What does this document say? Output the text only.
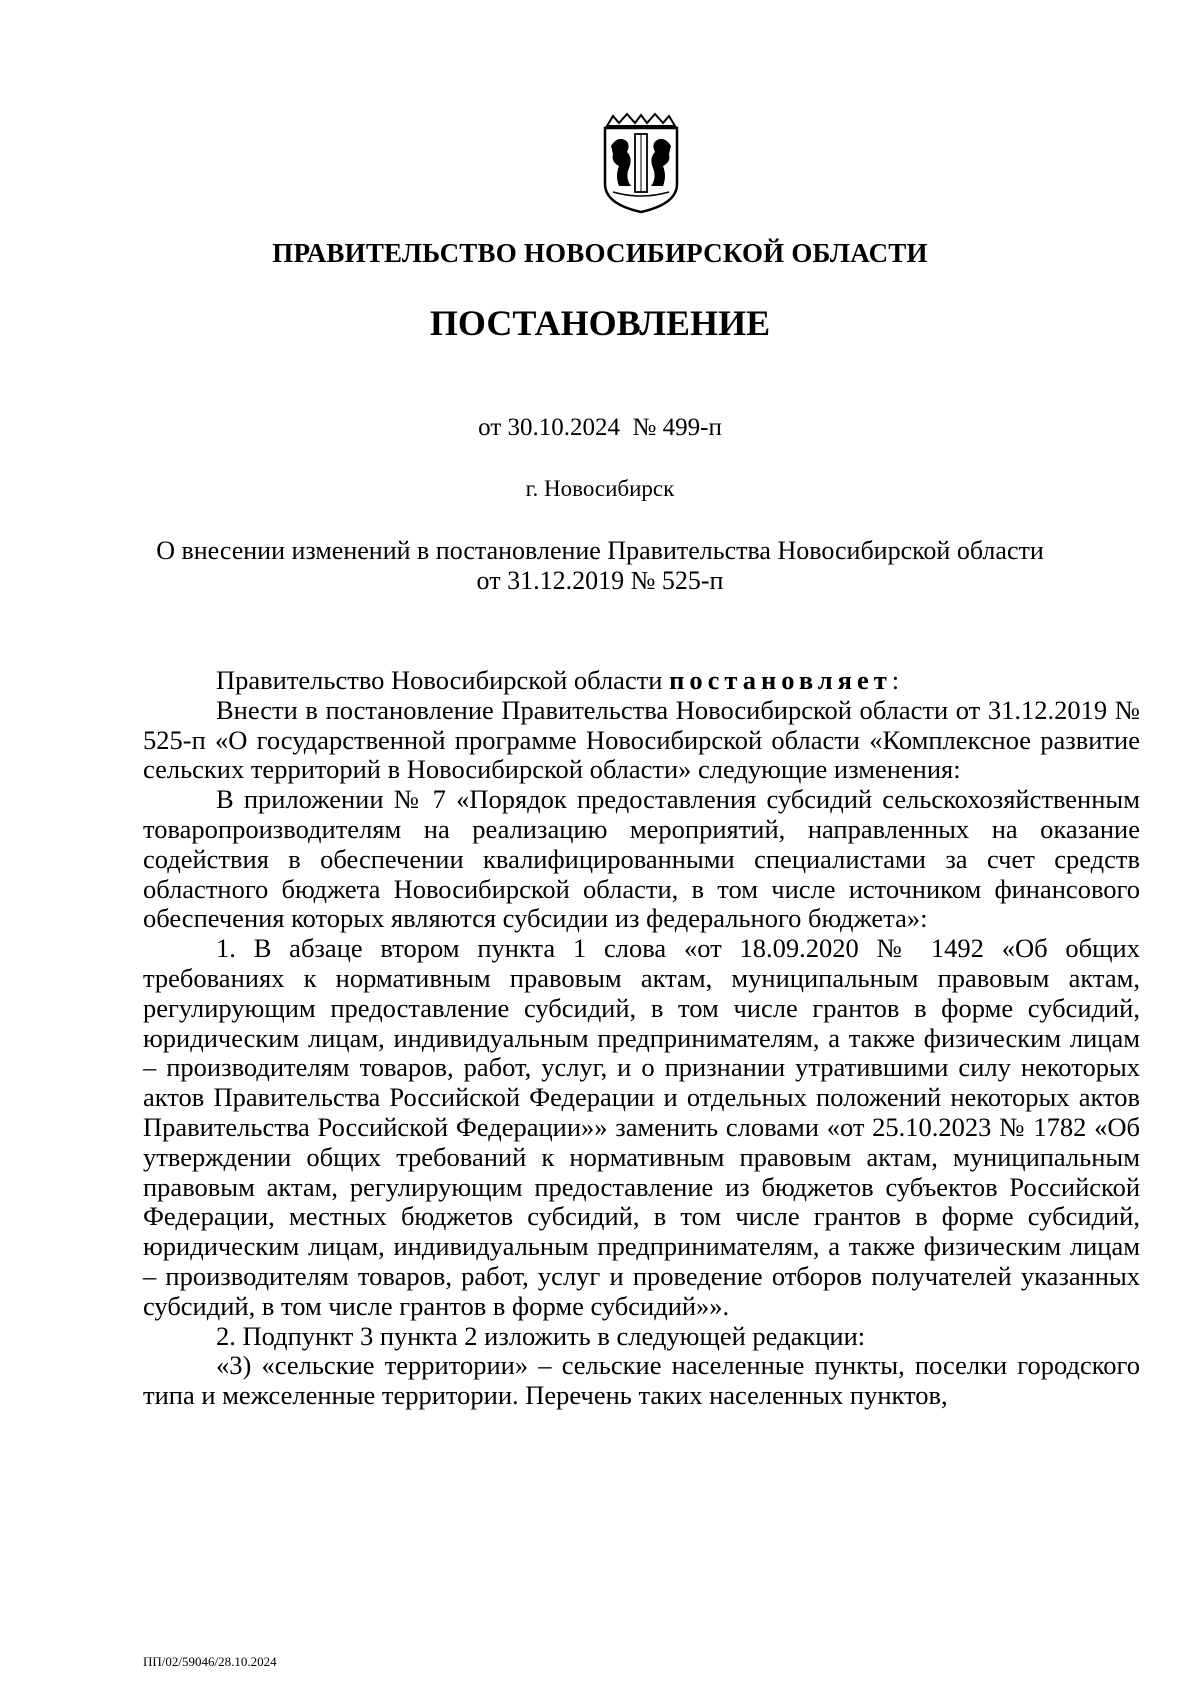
ПРАВИТЕЛЬСТВО НОВОСИБИРСКОЙ ОБЛАСТИ
ПОСТАНОВЛЕНИЕ
от 30.10.2024  № 499-п
г. Новосибирск
О внесении изменений в постановление Правительства Новосибирской области
от 31.12.2019 № 525-п

Правительство Новосибирской области постановляет:

Внести в постановление Правительства Новосибирской области от 31.12.2019 № 525-п «О государственной программе Новосибирской области «Комплексное развитие сельских территорий в Новосибирской области» следующие изменения:

В приложении № 7 «Порядок предоставления субсидий сельскохозяйственным товаропроизводителям на реализацию мероприятий, направленных на оказание содействия в обеспечении квалифицированными специалистами за счет средств областного бюджета Новосибирской области, в том числе источником финансового обеспечения которых являются субсидии из федерального бюджета»:

1. В абзаце втором пункта 1 слова «от 18.09.2020 № 1492 «Об общих требованиях к нормативным правовым актам, муниципальным правовым актам, регулирующим предоставление субсидий, в том числе грантов в форме субсидий, юридическим лицам, индивидуальным предпринимателям, а также физическим лицам – производителям товаров, работ, услуг, и о признании утратившими силу некоторых актов Правительства Российской Федерации и отдельных положений некоторых актов Правительства Российской Федерации»» заменить словами «от 25.10.2023 № 1782 «Об утверждении общих требований к нормативным правовым актам, муниципальным правовым актам, регулирующим предоставление из бюджетов субъектов Российской Федерации, местных бюджетов субсидий, в том числе грантов в форме субсидий, юридическим лицам, индивидуальным предпринимателям, а также физическим лицам – производителям товаров, работ, услуг и проведение отборов получателей указанных субсидий, в том числе грантов в форме субсидий»».

2. Подпункт 3 пункта 2 изложить в следующей редакции:

«3) «сельские территории» – сельские населенные пункты, поселки городского типа и межселенные территории. Перечень таких населенных пунктов,

ПП/02/59046/28.10.2024
